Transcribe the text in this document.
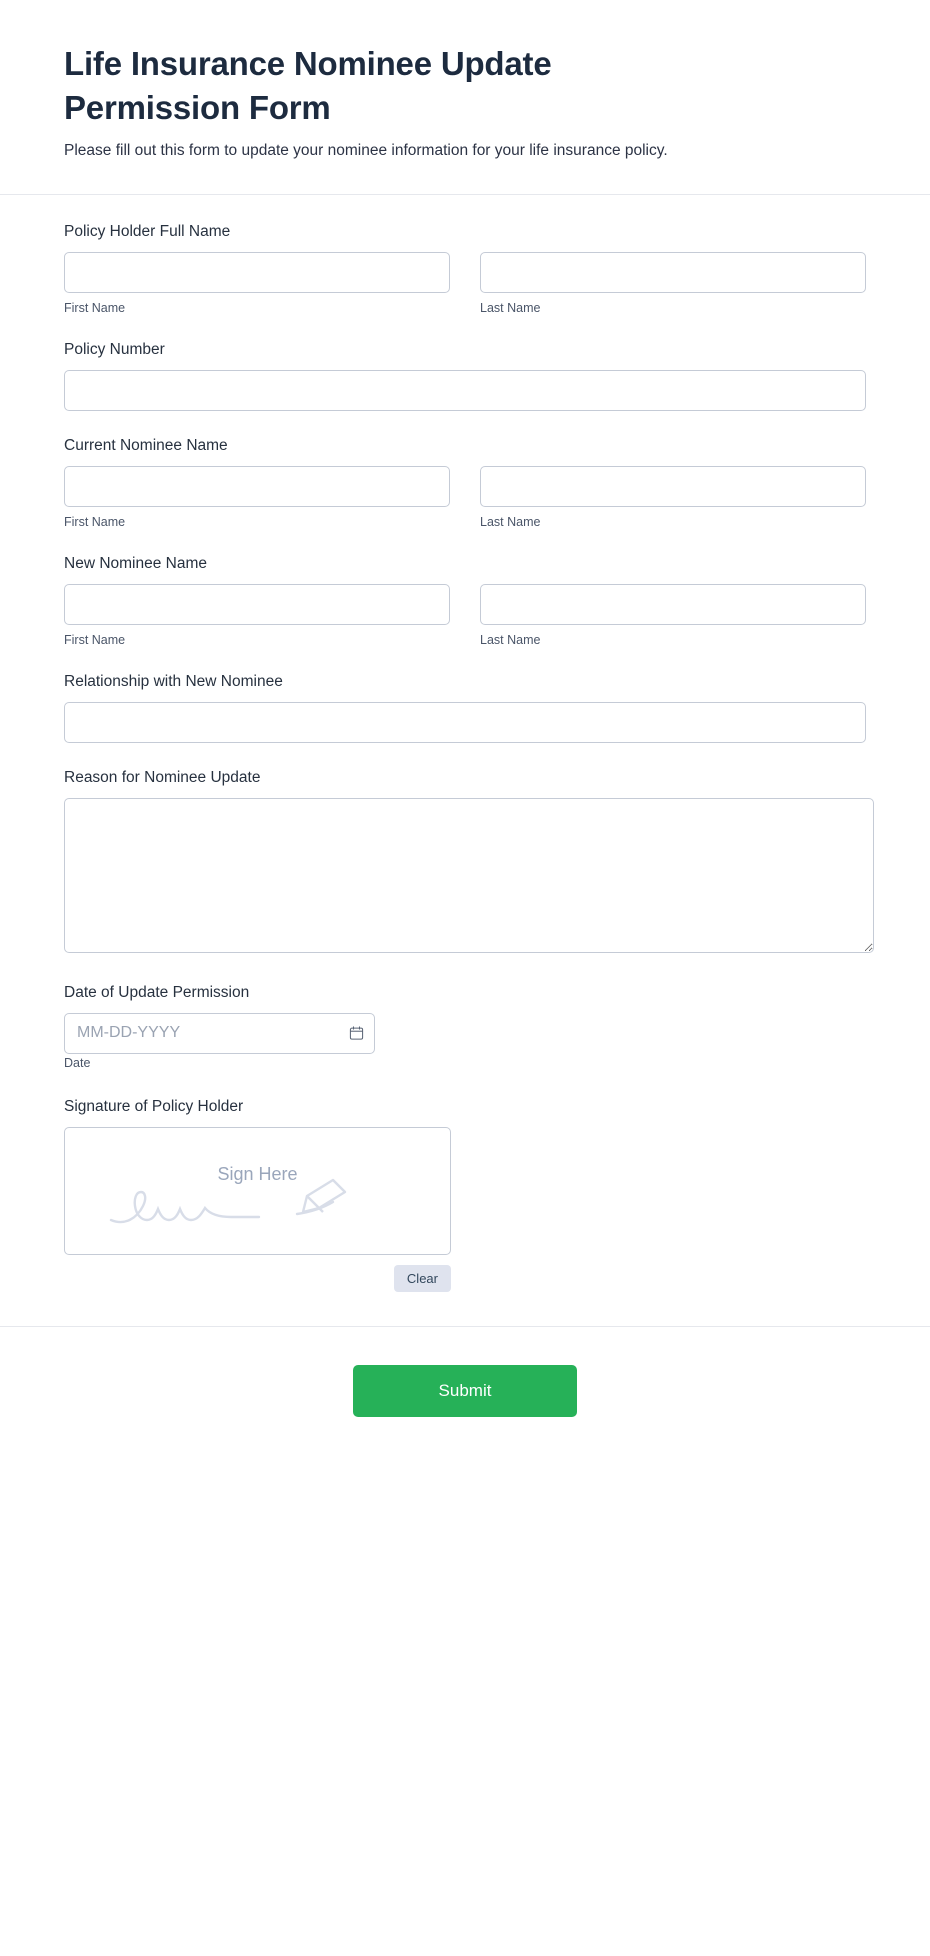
Life Insurance Nominee Update Permission Form

Please fill out this form to update your nominee information for your life insurance policy.

Policy Holder Full Name
First Name	Last Name
Policy Number
Current Nominee Name
First Name	Last Name
New Nominee Name
First Name	Last Name
Relationship with New Nominee
Reason for Nominee Update
Date of Update Permission
MM-DD-YYYY
Date
Signature of Policy Holder
Sign Here
Clear
Submit
